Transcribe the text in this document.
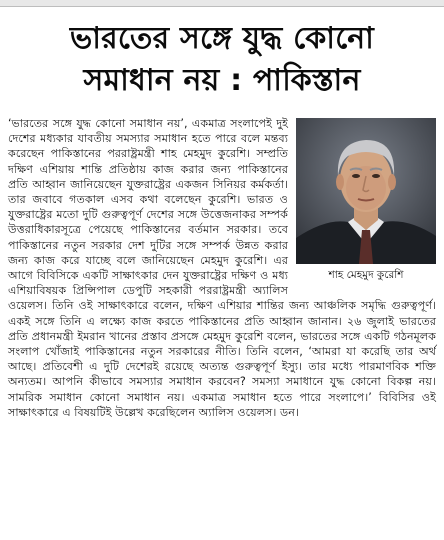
ভারতের সঙ্গে যুদ্ধ কোনো
সমাধান নয় : পাকিস্তান
শাহ মেহমুদ কুরেশি

‘ভারতের সঙ্গে যুদ্ধ কোনো সমাধান নয়’, একমাত্র সংলাপেই দুই দেশের মধ্যকার যাবতীয় সমস্যার সমাধান হতে পারে বলে মন্তব্য করেছেন পাকিস্তানের পররাষ্ট্রমন্ত্রী শাহ মেহমুদ কুরেশি। সম্প্রতি দক্ষিণ এশিয়ায় শান্তি প্রতিষ্ঠায় কাজ করার জন্য পাকিস্তানের প্রতি আহ্বান জানিয়েছেন যুক্তরাষ্ট্রের একজন সিনিয়র কর্মকর্তা। তার জবাবে গতকাল এসব কথা বলেছেন কুরেশি। ভারত ও যুক্তরাষ্ট্রের মতো দুটি গুরুত্বপূর্ণ দেশের সঙ্গে উত্তেজনাকর সম্পর্ক উত্তরাধিকারসূত্রে পেয়েছে পাকিস্তানের বর্তমান সরকার। তবে পাকিস্তানের নতুন সরকার দেশ দুটির সঙ্গে সম্পর্ক উন্নত করার জন্য কাজ করে যাচ্ছে বলে জানিয়েছেন মেহমুদ কুরেশি। এর আগে বিবিসিকে একটি সাক্ষাৎকার দেন যুক্তরাষ্ট্রের দক্ষিণ ও মধ্য এশিয়াবিষয়ক প্রিন্সিপাল ডেপুটি সহকারী পররাষ্ট্রমন্ত্রী অ্যালিস ওয়েলস। তিনি ওই সাক্ষাৎকারে বলেন, দক্ষিণ এশিয়ার শান্তির জন্য আঞ্চলিক সমৃদ্ধি গুরুত্বপূর্ণ। একই সঙ্গে তিনি এ লক্ষ্যে কাজ করতে পাকিস্তানের প্রতি আহ্বান জানান। ২৬ জুলাই ভারতের প্রতি প্রধানমন্ত্রী ইমরান খানের প্রস্তাব প্রসঙ্গে মেহমুদ কুরেশি বলেন, ভারতের সঙ্গে একটি গঠনমূলক সংলাপ খোঁজাই পাকিস্তানের নতুন সরকারের নীতি। তিনি বলেন, ‘আমরা যা করেছি তার অর্থ আছে। প্রতিবেশী এ দুটি দেশেরই রয়েছে অত্যন্ত গুরুত্বপূর্ণ ইস্যু। তার মধ্যে পারমাণবিক শক্তি অন্যতম। আপনি কীভাবে সমস্যার সমাধান করবেন? সমস্যা সমাধানে যুদ্ধ কোনো বিকল্প নয়। সামরিক সমাধান কোনো সমাধান নয়। একমাত্র সমাধান হতে পারে সংলাপে।’ বিবিসির ওই সাক্ষাৎকারে এ বিষয়টিই উল্লেখ করেছিলেন অ্যালিস ওয়েলস। ডন।
